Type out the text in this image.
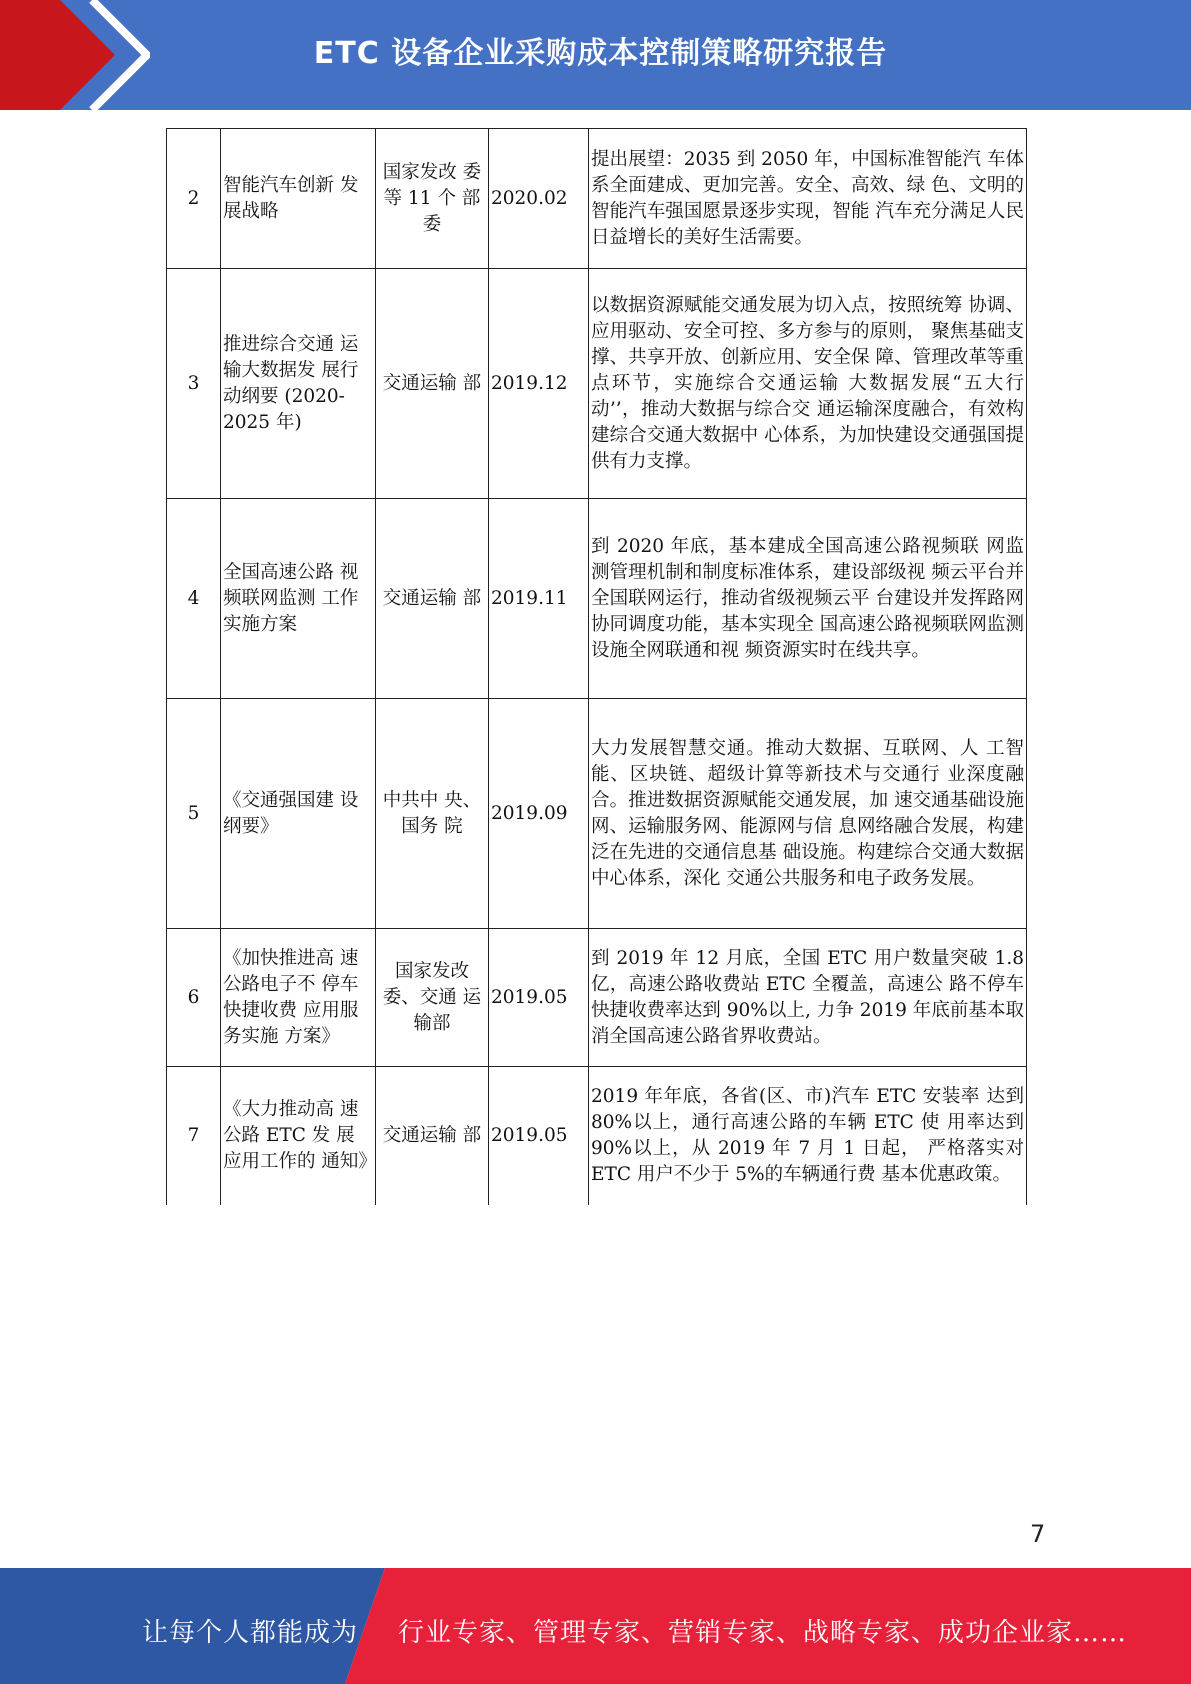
ETC 设备企业采购成本控制策略研究报告
2	智能汽车创新 发展战略	国家发改 委等 11 个 部委	2020.02	提出展望：2035 到 2050 年，中国标准智能汽 车体系全面建成、更加完善。安全、高效、绿 色、文明的智能汽车强国愿景逐步实现，智能 汽车充分满足人民日益增长的美好生活需要。
3	推进综合交通 运输大数据发 展行动纲要 (2020-2025 年)	交通运输 部	2019.12	以数据资源赋能交通发展为切入点，按照统筹 协调、应用驱动、安全可控、多方参与的原则， 聚焦基础支撑、共享开放、创新应用、安全保 障、管理改革等重点环节，实施综合交通运输 大数据发展“五大行动’’，推动大数据与综合交 通运输深度融合，有效构建综合交通大数据中 心体系，为加快建设交通强国提供有力支撑。
4	全国高速公路 视频联网监测 工作实施方案	交通运输 部	2019.11	到 2020 年底，基本建成全国高速公路视频联 网监测管理机制和制度标准体系，建设部级视 频云平台并全国联网运行，推动省级视频云平 台建设并发挥路网协同调度功能，基本实现全 国高速公路视频联网监测设施全网联通和视 频资源实时在线共享。
5	《交通强国建 设纲要》	中共中 央、国务 院	2019.09	大力发展智慧交通。推动大数据、互联网、人 工智能、区块链、超级计算等新技术与交通行 业深度融合。推进数据资源赋能交通发展，加 速交通基础设施网、运输服务网、能源网与信 息网络融合发展，构建泛在先进的交通信息基 础设施。构建综合交通大数据中心体系，深化 交通公共服务和电子政务发展。
6	《加快推进高 速公路电子不 停车快捷收费 应用服务实施 方案》	国家发改 委、交通 运输部	2019.05	到 2019 年 12 月底，全国 ETC 用户数量突破 1.8 亿，高速公路收费站 ETC 全覆盖，高速公 路不停车快捷收费率达到 90%以上, 力争 2019 年底前基本取消全国高速公路省界收费站。
7	《大力推动高 速公路 ETC 发 展应用工作的 通知》	交通运输 部	2019.05	2019 年年底，各省(区、市)汽车 ETC 安装率 达到 80%以上，通行高速公路的车辆 ETC 使 用率达到 90%以上，从 2019 年 7 月 1 日起， 严格落实对 ETC 用户不少于 5%的车辆通行费 基本优惠政策。
7
让每个人都能成为 行业专家、管理专家、营销专家、战略专家、成功企业家……
